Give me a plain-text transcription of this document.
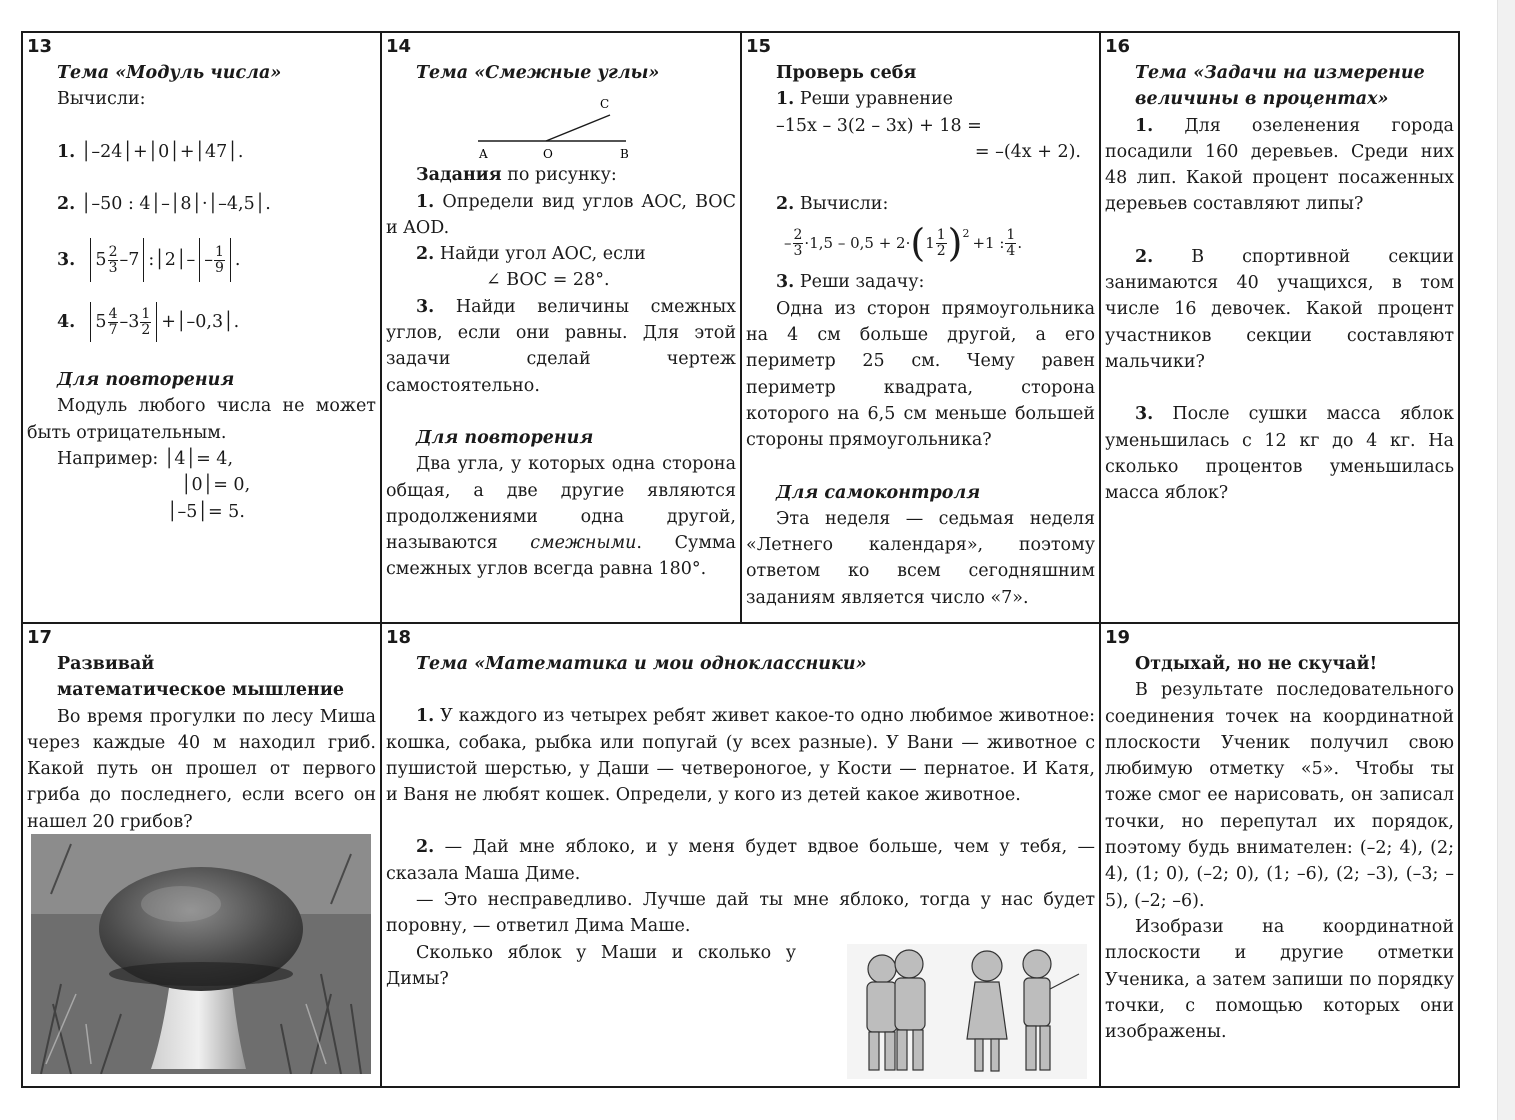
13
Тема «Модуль числа»
Вычисли:
1. │–24│+│0│+│47│.
2. │–50 : 4│–│8│·│–4,5│.
3.
$5 \frac{2}{3} -7$ :│2│– – $\frac{1}{9}$ .
4.
$5 \frac{4}{7} -3 \frac{1}{2}$ +│–0,3│.
Для повторения
Модуль любого числа не может быть отрицательным.
Например: │4│= 4,
│0│= 0,
│–5│= 5.
14
Тема «Смежные углы»
A	O	B
C
Задания по рисунку:
1. Определи вид углов AOC, BOC и AOD.
2. Найди угол AOC, если
∠ BOC = 28°.
3. Найди величины смежных углов, если они равны. Для этой задачи сделай чертеж самостоятельно.
Для повторения
Два угла, у которых одна сторона общая, а две другие являются продолжениями одна другой, называются смежными. Сумма смежных углов всегда равна 180°.
15
Проверь себя
1. Реши уравнение
–15x – 3(2 – 3x) + 18 =
= –(4x + 2).
2. Вычисли:
– $\frac{2}{3} \cdot 1,5 - 0,5 + 2\cdot$ ( $1 \frac{1}{2} )^2$
+1 : $\frac{1}{4}$ .
3. Реши задачу:
Одна из сторон прямоугольника на 4 см больше другой, а его периметр 25 см. Чему равен периметр квадрата, сторона которого на 6,5 см меньше большей стороны прямоугольника?
Для самоконтроля
Эта неделя — седьмая неделя «Летнего календаря», поэтому ответом ко всем сегодняшним заданиям является число «7».
16
Тема «Задачи на измерение величины в процентах»
1. Для озеленения города посадили 160 деревьев. Среди них 48 лип. Какой процент посаженных деревьев составляют липы?
2. В спортивной секции занимаются 40 учащихся, в том числе 16 девочек. Какой процент участников секции составляют мальчики?
3. После сушки масса яблок уменьшилась с 12 кг до 4 кг. На сколько процентов уменьшилась масса яблок?
17
Развивай
математическое мышление
Во время прогулки по лесу Миша через каждые 40 м находил гриб. Какой путь он прошел от первого гриба до последнего, если всего он нашел 20 грибов?
18
Тема «Математика и мои одноклассники»
1. У каждого из четырех ребят живет какое-то одно любимое животное: кошка, собака, рыбка или попугай (у всех разные). У Вани — животное с пушистой шерстью, у Даши — четвероногое, у Кости — пернатое. И Катя, и Ваня не любят кошек. Определи, у кого из детей какое животное.
2. — Дай мне яблоко, и у меня будет вдвое больше, чем у тебя, — сказала Маша Диме.
— Это несправедливо. Лучше дай ты мне яблоко, тогда у нас будет поровну, — ответил Дима Маше.
Сколько яблок у Маши и сколько у Димы?
19
Отдыхай, но не скучай!
В результате последовательного соединения точек на координатной плоскости Ученик получил свою любимую отметку «5». Чтобы ты тоже смог ее нарисовать, он записал точки, но перепутал их порядок, поэтому будь внимателен: (–2; 4), (2; 4), (1; 0), (–2; 0), (1; –6), (2; –3), (–3; –5), (–2; –6).
Изобрази на координатной плоскости и другие отметки Ученика, а затем запиши по порядку точки, с помощью которых они изображены.
